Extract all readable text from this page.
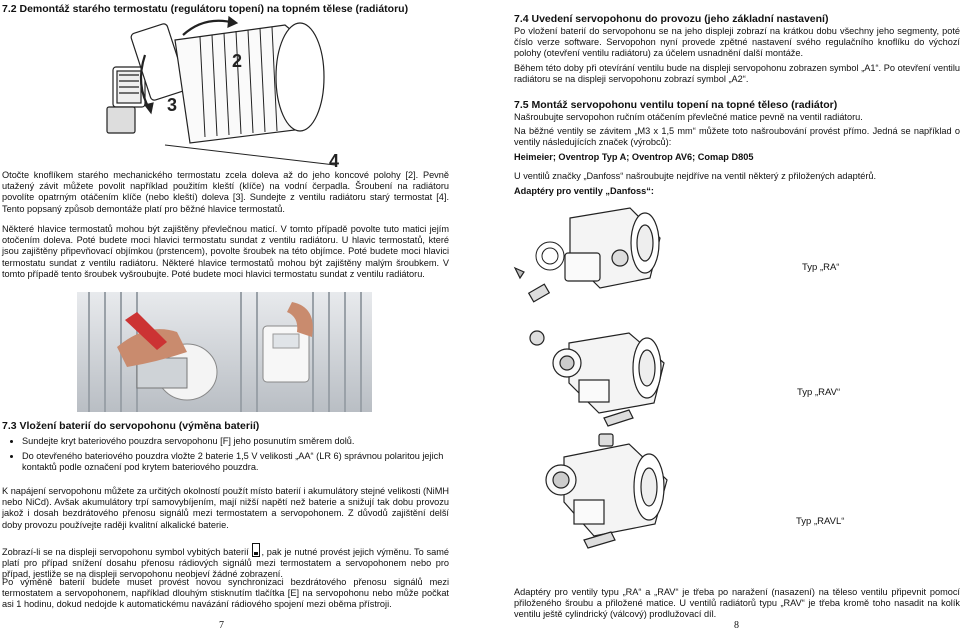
7.2 Demontáž starého termostatu (regulátoru topení) na topném tělese (radiátoru)
2
3
4

Otočte knoflíkem starého mechanického termostatu zcela doleva až do jeho koncové polohy [2]. Pevně utažený závit můžete povolit například použitím kleští (klíče) na vodní čerpadla. Šroubení na radiátoru povolíte opatrným otáčením klíče (nebo kleští) doleva [3]. Sundejte z ventilu radiátoru starý termostat [4]. Tento popsaný způsob demontáže platí pro běžné hlavice termostatů.

Některé hlavice termostatů mohou být zajištěny převlečnou maticí. V tomto případě povolte tuto matici jejím otočením doleva. Poté budete moci hlavici termostatu sundat z ventilu radiátoru. U hlavic termostatů, které jsou zajištěny připevňovací objímkou (prstencem), povolte šroubek na této objímce. Poté budete moci hlavici termostatu sundat z ventilu radiátoru. Některé hlavice termostatů mohou být zajištěny malým šroubkem. V tomto případě tento šroubek vyšroubujte. Poté budete moci hlavici termostatu sundat z ventilu radiátoru.

7.3 Vložení baterií do servopohonu (výměna baterií)
• Sundejte kryt bateriového pouzdra servopohonu [F] jeho posunutím směrem dolů.
• Do otevřeného bateriového pouzdra vložte 2 baterie 1,5 V velikosti „AA“ (LR 6) správnou polaritou jejich kontaktů podle označení pod krytem bateriového pouzdra.

K napájení servopohonu můžete za určitých okolností použít místo baterií i akumulátory stejné velikosti (NiMH nebo NiCd). Avšak akumulátory trpí samovybíjením, mají nižší napětí než baterie a snižují tak dobu provozu jakož i dosah bezdrátového přenosu signálů mezi termostatem a servopohonem. Z důvodů zajištění delší doby provozu používejte raději kvalitní alkalické baterie.

Zobrazí-li se na displeji servopohonu symbol vybitých baterií , pak je nutné provést jejich výměnu. To samé platí pro případ snížení dosahu přenosu rádiových signálů mezi termostatem a servopohonem nebo pro případ, jestliže se na displeji servopohonu neobjeví žádné zobrazení.

Po výměně baterií budete muset provést novou synchronizaci bezdrátového přenosu signálů mezi termostatem a servopohonem, například dlouhým stisknutím tlačítka [E] na servopohonu nebo může počkat asi 1 hodinu, dokud nedojde k automatickému navázání rádiového spojení mezi oběma přístroji.

7
7.4 Uvedení servopohonu do provozu (jeho základní nastavení)

Po vložení baterií do servopohonu se na jeho displeji zobrazí na krátkou dobu všechny jeho segmenty, poté číslo verze software. Servopohon nyní provede zpětné nastavení svého regulačního knoflíku do výchozí polohy (otevření ventilu radiátoru) za účelem usnadnění další montáže.

Během této doby při otevírání ventilu bude na displeji servopohonu zobrazen symbol „A1“. Po otevření ventilu radiátoru se na displeji servopohonu zobrazí symbol „A2“.

7.5 Montáž servopohonu ventilu topení na topné těleso (radiátor)

Našroubujte servopohon ručním otáčením převlečné matice pevně na ventil radiátoru.

Na běžné ventily se závitem „M3 x 1,5 mm“ můžete toto našroubování provést přímo. Jedná se například o ventily následujících značek (výrobců):

Heimeier; Oventrop Typ A; Oventrop AV6; Comap D805

U ventilů značky „Danfoss“ našroubujte nejdříve na ventil některý z přiložených adaptérů.

Adaptéry pro ventily „Danfoss“:

Typ „RA“
Typ „RAV“
Typ „RAVL“

Adaptéry pro ventily typu „RA“ a „RAV“ je třeba po naražení (nasazení) na těleso ventilu připevnit pomocí přiloženého šroubu a přiložené matice. U ventilů radiátorů typu „RAV“ je třeba kromě toho nasadit na kolík ventilu ještě cylindrický (válcový) prodlužovací díl.

8
